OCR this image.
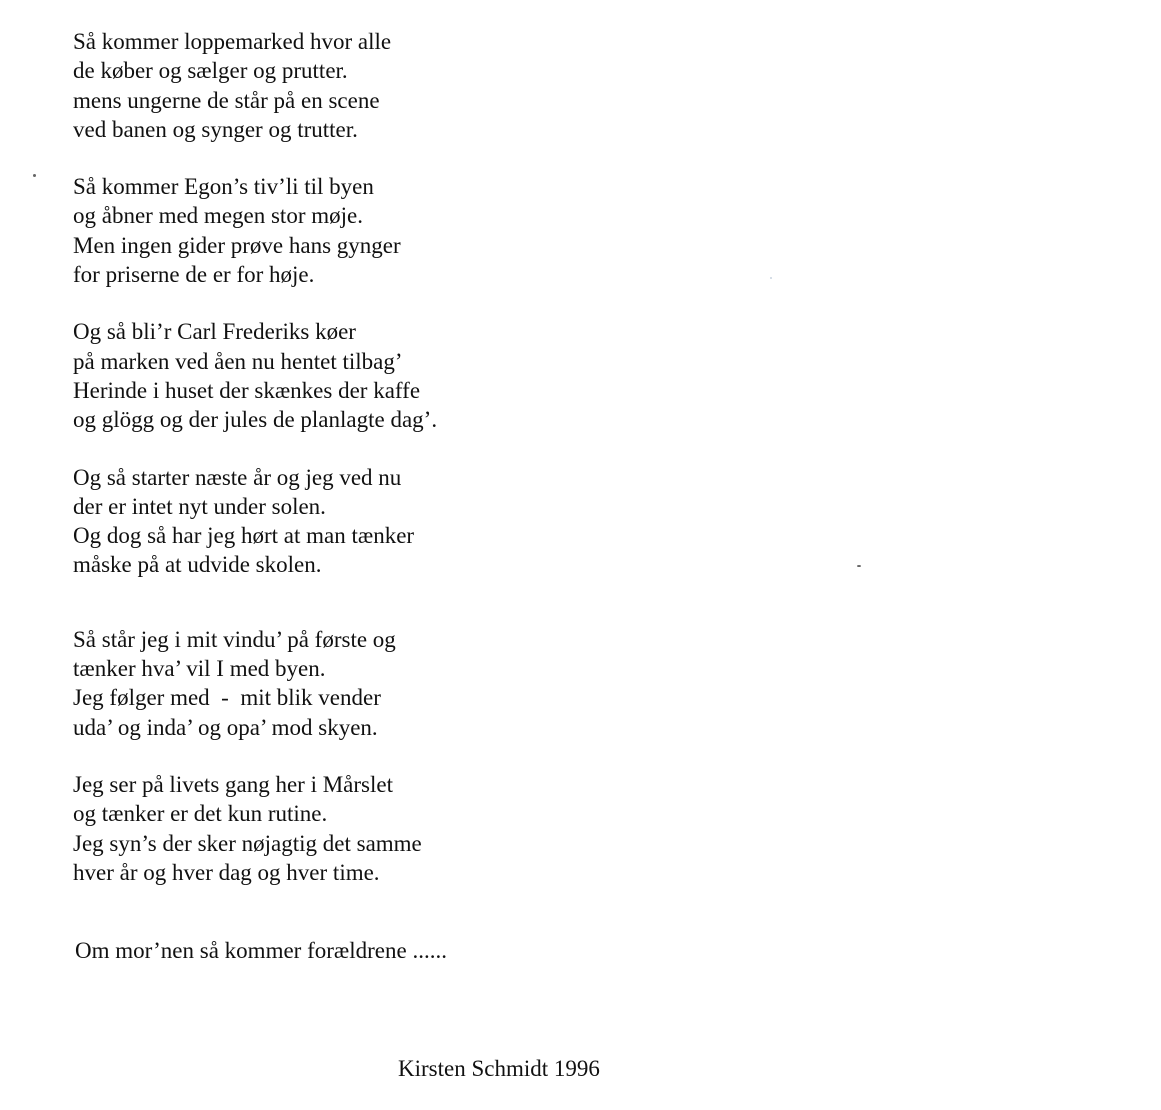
Så kommer loppemarked hvor alle
de køber og sælger og prutter.
mens ungerne de står på en scene
ved banen og synger og trutter.
Så kommer Egon’s tiv’li til byen
og åbner med megen stor møje.
Men ingen gider prøve hans gynger
for priserne de er for høje.
Og så bli’r Carl Frederiks køer
på marken ved åen nu hentet tilbag’
Herinde i huset der skænkes der kaffe
og glögg og der jules de planlagte dag’.
Og så starter næste år og jeg ved nu
der er intet nyt under solen.
Og dog så har jeg hørt at man tænker
måske på at udvide skolen.
Så står jeg i mit vindu’ på første og
tænker hva’ vil I med byen.
Jeg følger med  -  mit blik vender
uda’ og inda’ og opa’ mod skyen.
Jeg ser på livets gang her i Mårslet
og tænker er det kun rutine.
Jeg syn’s der sker nøjagtig det samme
hver år og hver dag og hver time.
Om mor’nen så kommer forældrene ......
Kirsten Schmidt 1996
